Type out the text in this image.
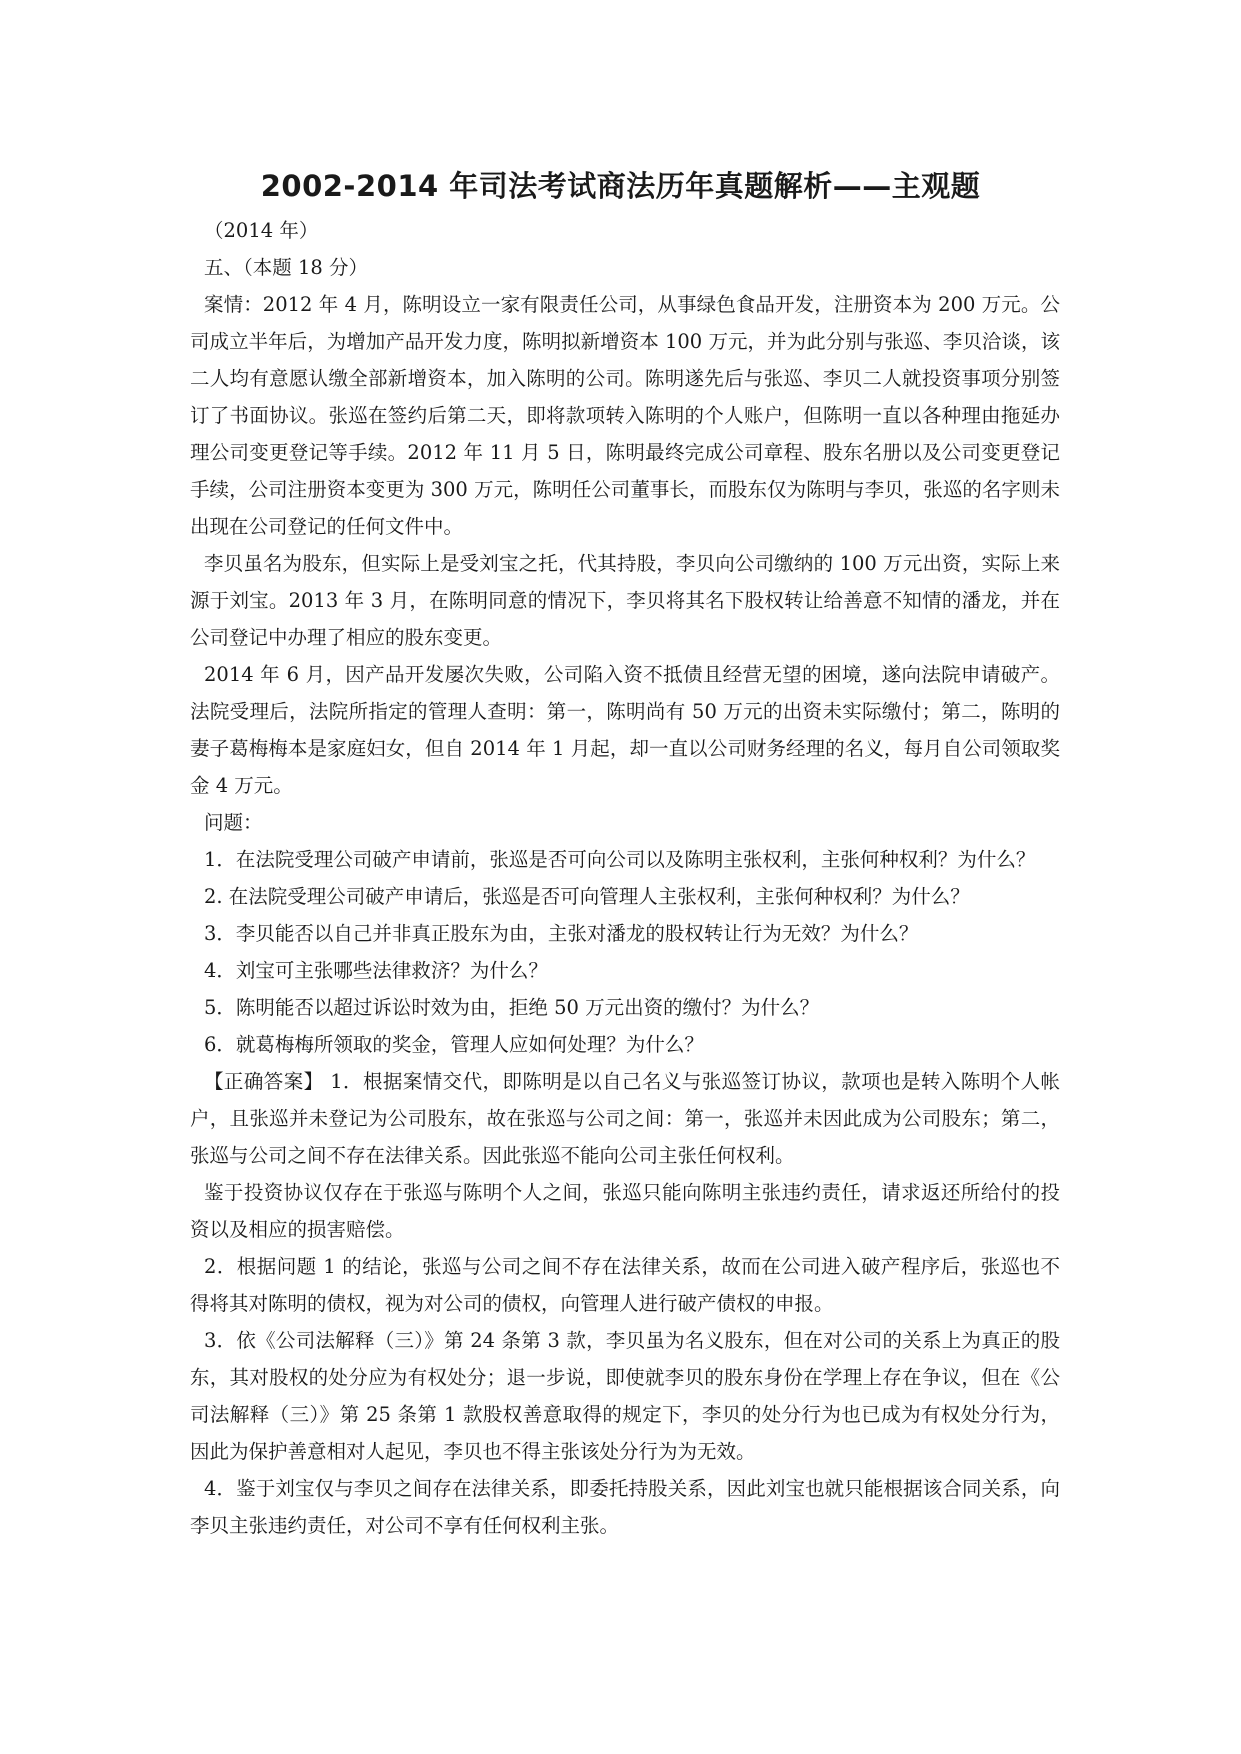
2002-2014 年司法考试商法历年真题解析——主观题

（2014 年）

五、（本题 18 分）

案情：2012 年 4 月，陈明设立一家有限责任公司，从事绿色食品开发，注册资本为 200 万元。公司成立半年后，为增加产品开发力度，陈明拟新增资本 100 万元，并为此分别与张巡、李贝洽谈，该二人均有意愿认缴全部新增资本，加入陈明的公司。陈明遂先后与张巡、李贝二人就投资事项分别签订了书面协议。张巡在签约后第二天，即将款项转入陈明的个人账户，但陈明一直以各种理由拖延办理公司变更登记等手续。2012 年 11 月 5 日，陈明最终完成公司章程、股东名册以及公司变更登记手续，公司注册资本变更为 300 万元，陈明任公司董事长，而股东仅为陈明与李贝，张巡的名字则未出现在公司登记的任何文件中。

李贝虽名为股东，但实际上是受刘宝之托，代其持股，李贝向公司缴纳的 100 万元出资，实际上来源于刘宝。2013 年 3 月，在陈明同意的情况下，李贝将其名下股权转让给善意不知情的潘龙，并在公司登记中办理了相应的股东变更。

2014 年 6 月，因产品开发屡次失败，公司陷入资不抵债且经营无望的困境，遂向法院申请破产。法院受理后，法院所指定的管理人查明：第一，陈明尚有 50 万元的出资未实际缴付；第二，陈明的妻子葛梅梅本是家庭妇女，但自 2014 年 1 月起，却一直以公司财务经理的名义，每月自公司领取奖金 4 万元。

问题：

1．在法院受理公司破产申请前，张巡是否可向公司以及陈明主张权利，主张何种权利？为什么？

2. 在法院受理公司破产申请后，张巡是否可向管理人主张权利，主张何种权利？为什么？

3．李贝能否以自己并非真正股东为由，主张对潘龙的股权转让行为无效？为什么？

4．刘宝可主张哪些法律救济？为什么？

5．陈明能否以超过诉讼时效为由，拒绝 50 万元出资的缴付？为什么？

6．就葛梅梅所领取的奖金，管理人应如何处理？为什么？

【正确答案】 1．根据案情交代，即陈明是以自己名义与张巡签订协议，款项也是转入陈明个人帐户，且张巡并未登记为公司股东，故在张巡与公司之间：第一，张巡并未因此成为公司股东；第二，张巡与公司之间不存在法律关系。因此张巡不能向公司主张任何权利。

鉴于投资协议仅存在于张巡与陈明个人之间，张巡只能向陈明主张违约责任，请求返还所给付的投资以及相应的损害赔偿。

2．根据问题 1 的结论，张巡与公司之间不存在法律关系，故而在公司进入破产程序后，张巡也不得将其对陈明的债权，视为对公司的债权，向管理人进行破产债权的申报。

3．依《公司法解释（三）》第 24 条第 3 款，李贝虽为名义股东，但在对公司的关系上为真正的股东，其对股权的处分应为有权处分；退一步说，即使就李贝的股东身份在学理上存在争议，但在《公司法解释（三）》第 25 条第 1 款股权善意取得的规定下，李贝的处分行为也已成为有权处分行为，因此为保护善意相对人起见，李贝也不得主张该处分行为为无效。

4．鉴于刘宝仅与李贝之间存在法律关系，即委托持股关系，因此刘宝也就只能根据该合同关系，向李贝主张违约责任，对公司不享有任何权利主张。
